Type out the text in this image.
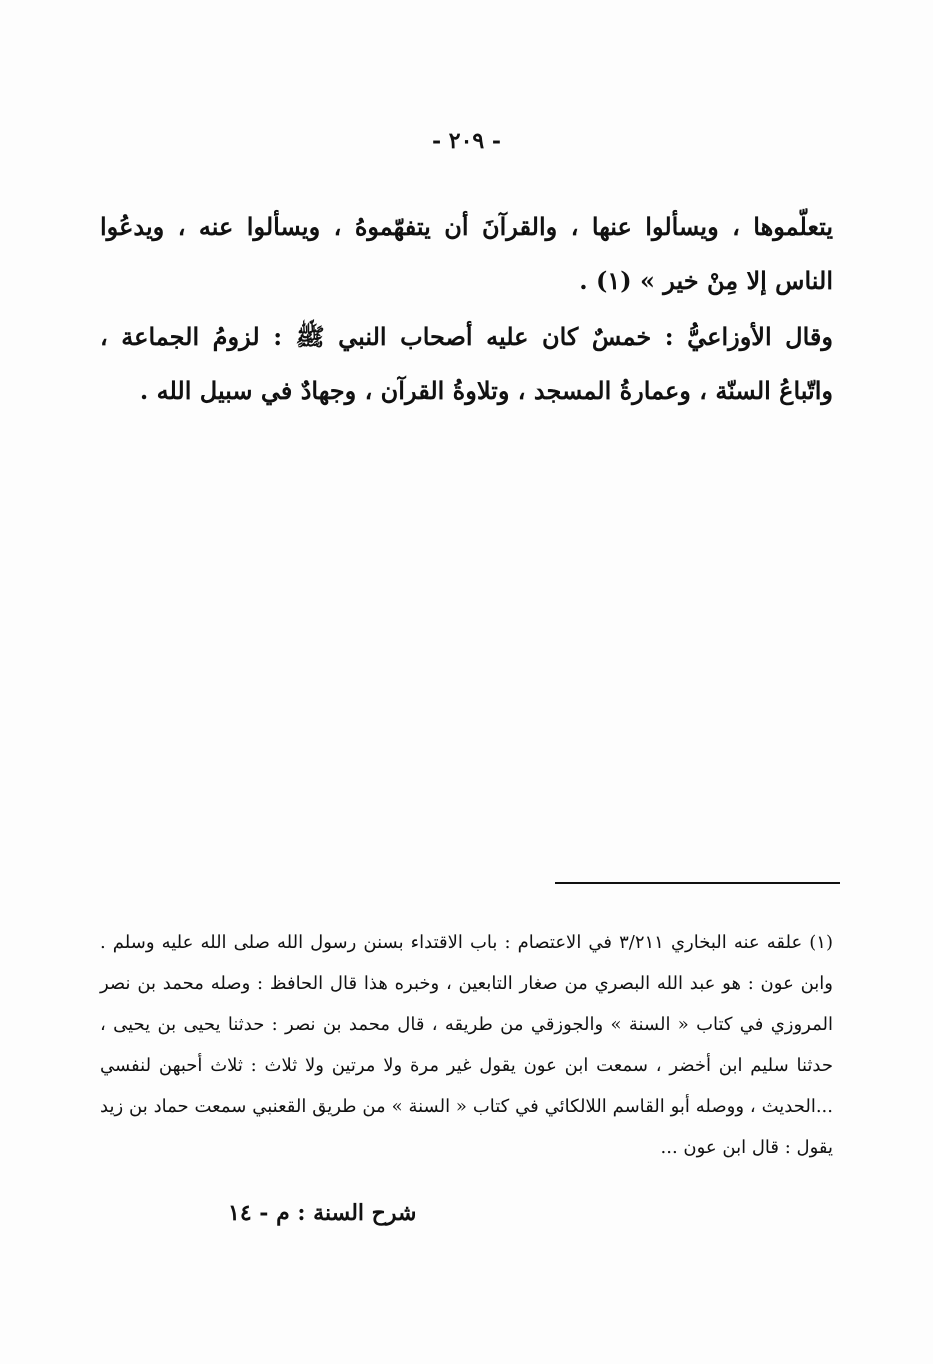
- ٢٠٩ -

يتعلّموها ، ويسألوا عنها ، والقرآنَ أن يتفهّموهُ ، ويسألوا عنه ، ويدعُوا الناس إلا مِنْ خير » (١) .

وقال الأوزاعيُّ : خمسٌ كان عليه أصحاب النبي ﷺ : لزومُ الجماعة ، واتّباعُ السنّة ، وعمارةُ المسجد ، وتلاوةُ القرآن ، وجهادٌ في سبيل الله .

(١) علقه عنه البخاري ٣/٢١١ في الاعتصام : باب الاقتداء بسنن رسول الله صلى الله عليه وسلم . وابن عون : هو عبد الله البصري من صغار التابعين ، وخبره هذا قال الحافظ : وصله محمد بن نصر المروزي في كتاب « السنة » والجوزقي من طريقه ، قال محمد بن نصر : حدثنا يحيى بن يحيى ، حدثنا سليم ابن أخضر ، سمعت ابن عون يقول غير مرة ولا مرتين ولا ثلاث : ثلاث أحبهن لنفسي ...الحديث ، ووصله أبو القاسم اللالكائي في كتاب « السنة » من طريق القعنبي سمعت حماد بن زيد يقول : قال ابن عون ...

شرح السنة : م - ١٤
